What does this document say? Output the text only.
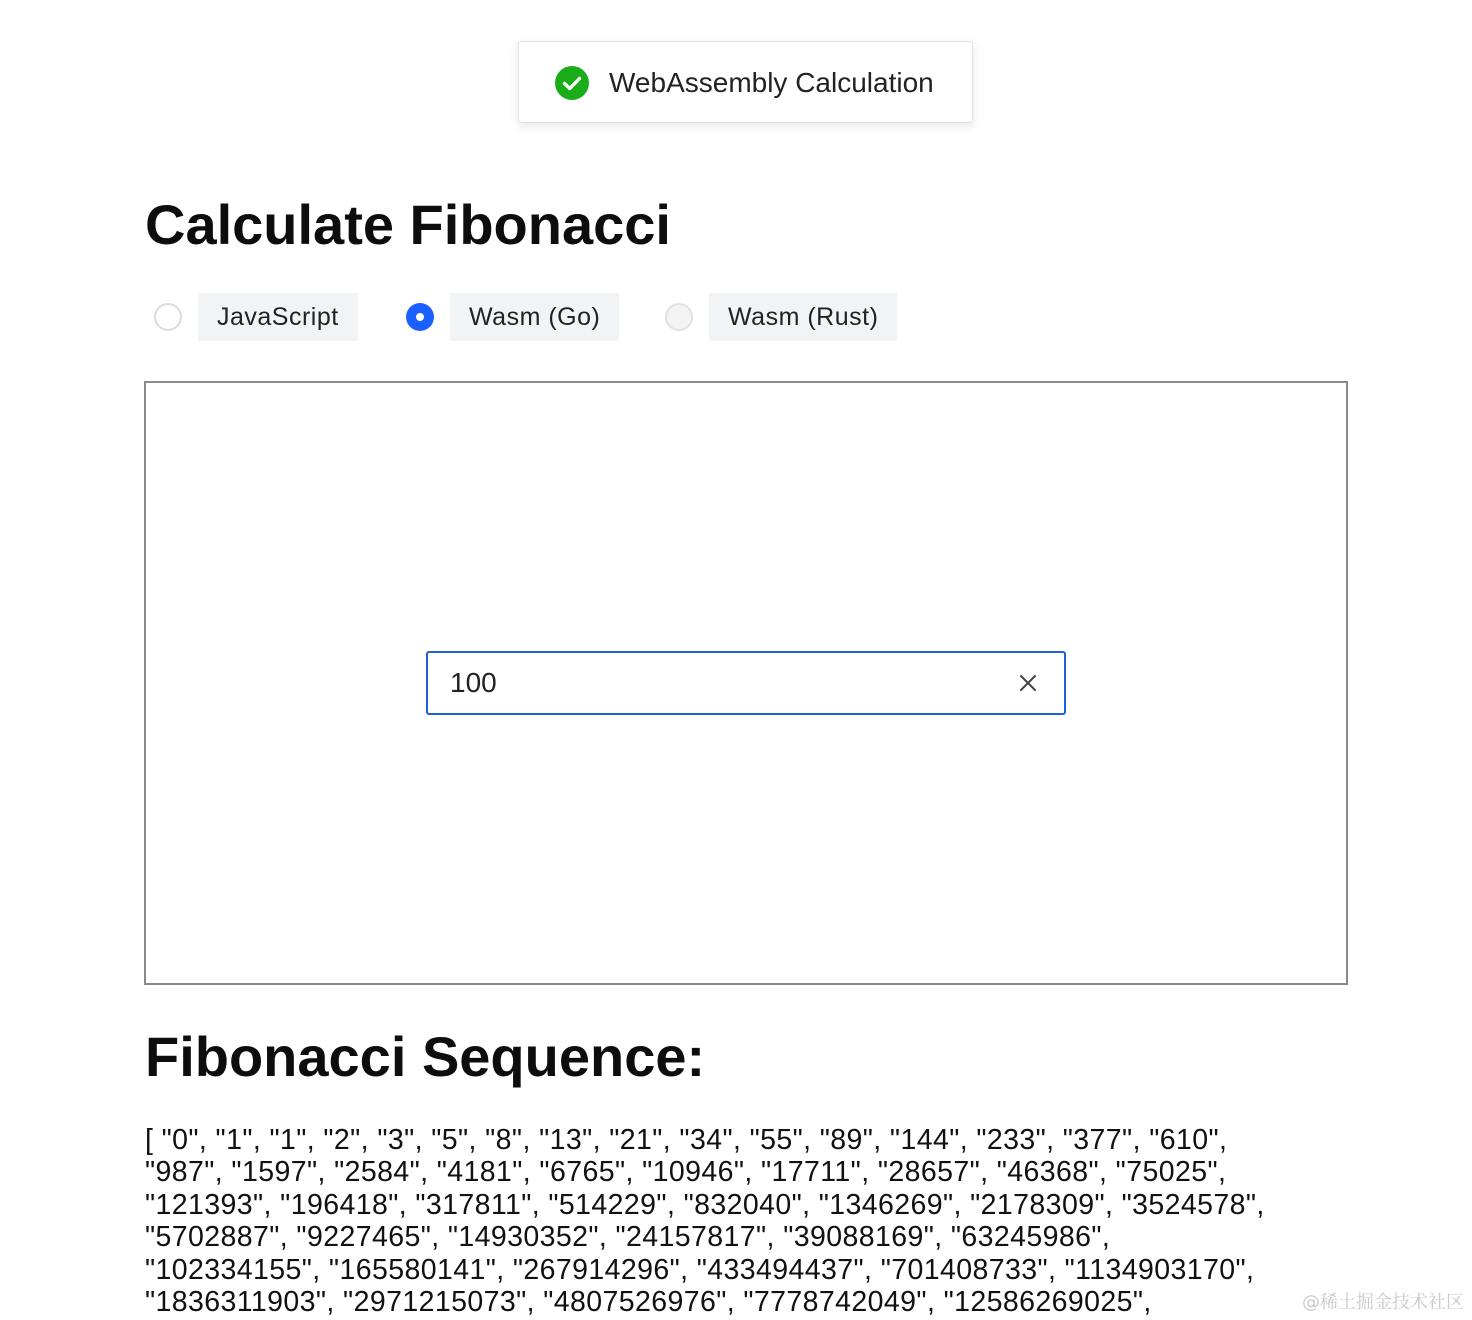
WebAssembly Calculation
Calculate Fibonacci
JavaScript	Wasm (Go)	Wasm (Rust)
100
Fibonacci Sequence:

[ "0", "1", "1", "2", "3", "5", "8", "13", "21", "34", "55", "89", "144", "233", "377", "610",
"987", "1597", "2584", "4181", "6765", "10946", "17711", "28657", "46368", "75025",
"121393", "196418", "317811", "514229", "832040", "1346269", "2178309", "3524578",
"5702887", "9227465", "14930352", "24157817", "39088169", "63245986",
"102334155", "165580141", "267914296", "433494437", "701408733", "1134903170",
"1836311903", "2971215073", "4807526976", "7778742049", "12586269025",	@稀土掘金技术社区
